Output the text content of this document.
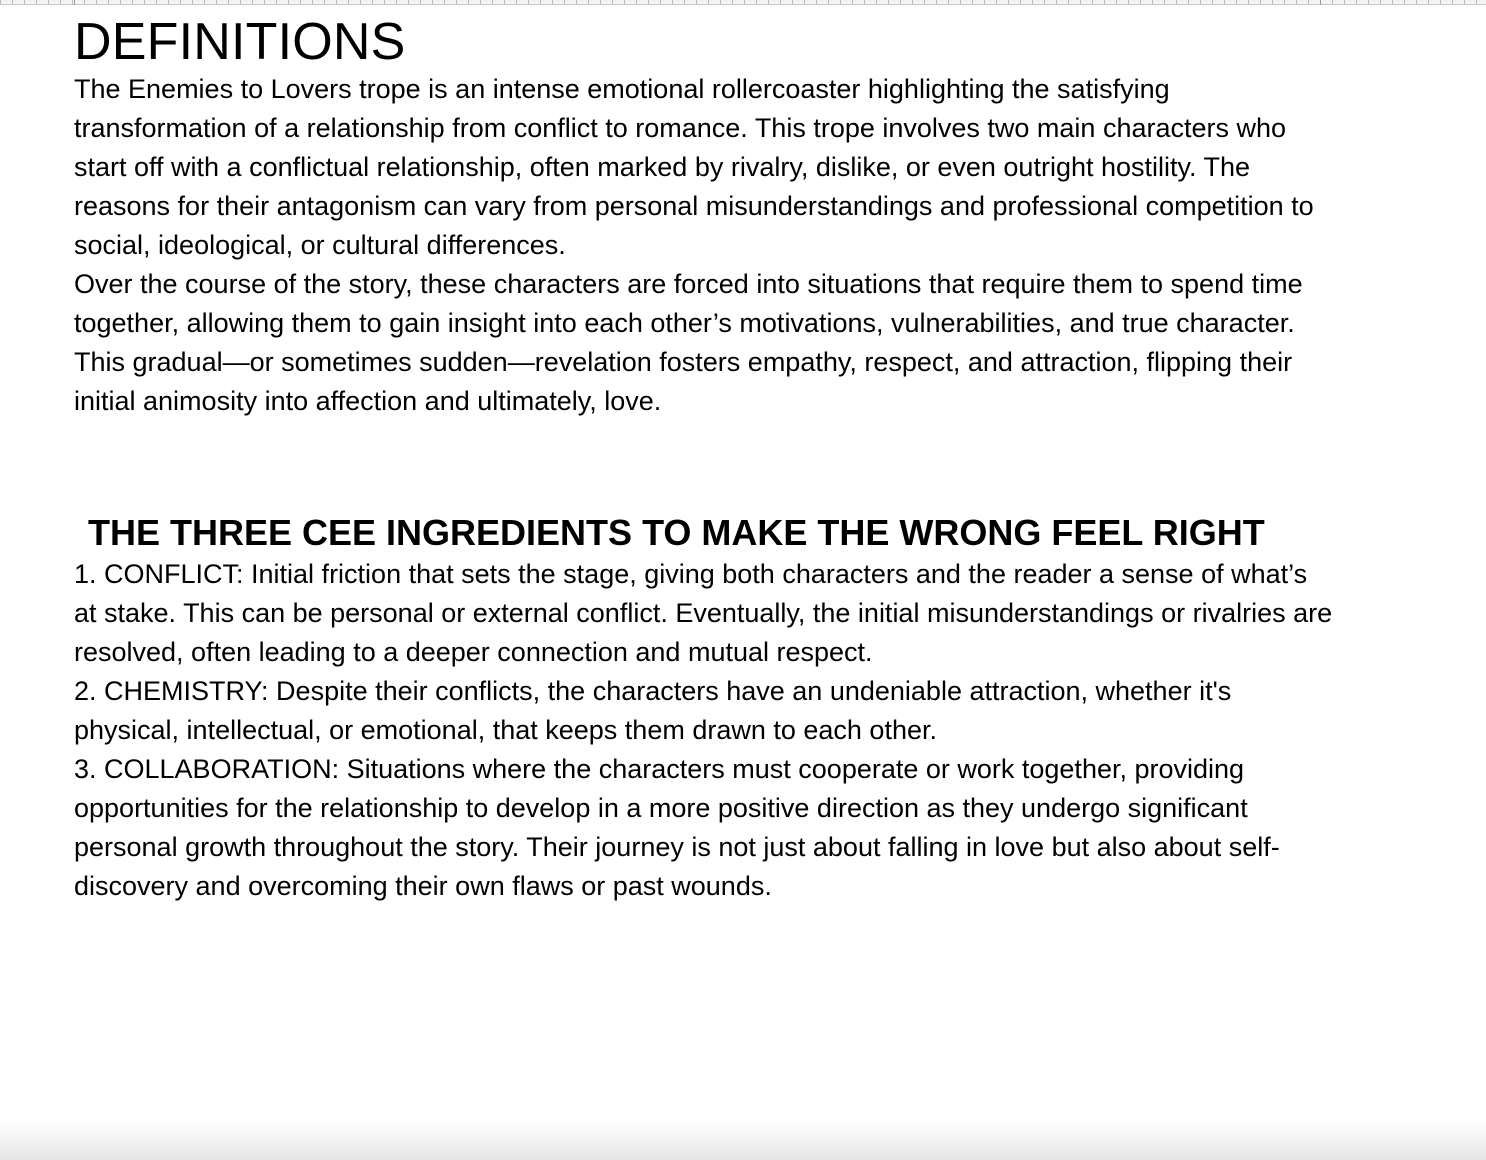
DEFINITIONS

The Enemies to Lovers trope is an intense emotional rollercoaster highlighting the satisfying transformation of a relationship from conflict to romance. This trope involves two main characters who start off with a conflictual relationship, often marked by rivalry, dislike, or even outright hostility. The reasons for their antagonism can vary from personal misunderstandings and professional competition to social, ideological, or cultural differences.

Over the course of the story, these characters are forced into situations that require them to spend time together, allowing them to gain insight into each other’s motivations, vulnerabilities, and true character. This gradual—or sometimes sudden—revelation fosters empathy, respect, and attraction, flipping their initial animosity into affection and ultimately, love.

THE THREE CEE INGREDIENTS TO MAKE THE WRONG FEEL RIGHT

1. CONFLICT: Initial friction that sets the stage, giving both characters and the reader a sense of what’s at stake. This can be personal or external conflict. Eventually, the initial misunderstandings or rivalries are resolved, often leading to a deeper connection and mutual respect.

2. CHEMISTRY: Despite their conflicts, the characters have an undeniable attraction, whether it's physical, intellectual, or emotional, that keeps them drawn to each other.

3. COLLABORATION: Situations where the characters must cooperate or work together, providing opportunities for the relationship to develop in a more positive direction as they undergo significant personal growth throughout the story. Their journey is not just about falling in love but also about self-discovery and overcoming their own flaws or past wounds.
